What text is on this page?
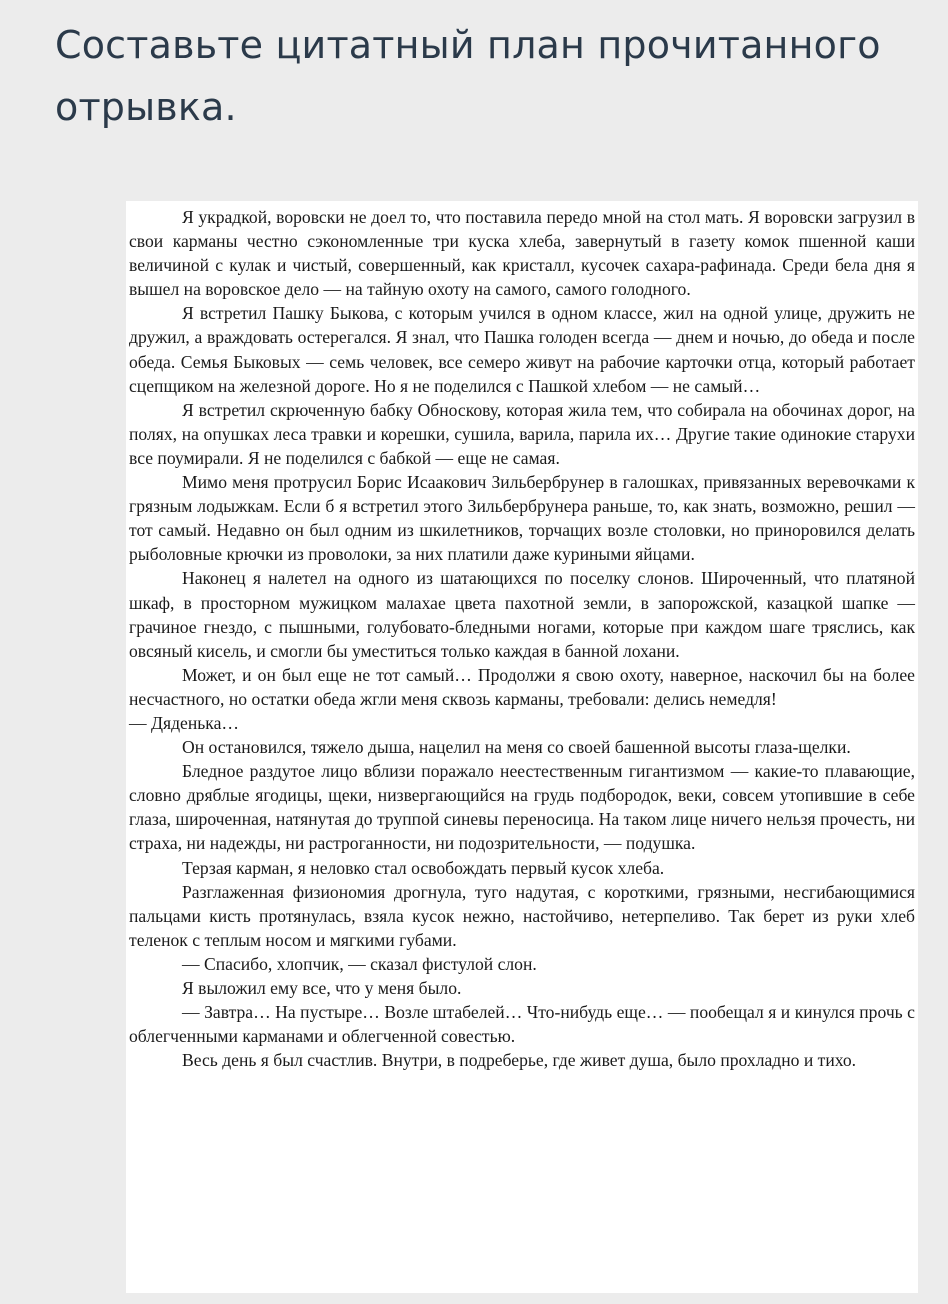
Составьте цитатный план прочитанного отрывка.

Я украдкой, воровски не доел то, что поставила передо мной на стол мать. Я воровски загрузил в свои карманы честно сэкономленные три куска хлеба, завернутый в газету комок пшенной каши величиной с кулак и чистый, совершенный, как кристалл, кусочек сахара-рафинада. Среди бела дня я вышел на воровское дело — на тайную охоту на самого, самого голодного.

Я встретил Пашку Быкова, с которым учился в одном классе, жил на одной улице, дружить не дружил, а враждовать остерегался. Я знал, что Пашка голоден всегда — днем и ночью, до обеда и после обеда. Семья Быковых — семь человек, все семеро живут на рабочие карточки отца, который работает сцепщиком на железной дороге. Но я не поделился с Пашкой хлебом — не самый…

Я встретил скрюченную бабку Обноскову, которая жила тем, что собирала на обочинах дорог, на полях, на опушках леса травки и корешки, сушила, варила, парила их… Другие такие одинокие старухи все поумирали. Я не поделился с бабкой — еще не самая.

Мимо меня протрусил Борис Исаакович Зильбербрунер в галошках, привязанных веревочками к грязным лодыжкам. Если б я встретил этого Зильбербрунера раньше, то, как знать, возможно, решил — тот самый. Недавно он был одним из шкилетников, торчащих возле столовки, но приноровился делать рыболовные крючки из проволоки, за них платили даже куриными яйцами.

Наконец я налетел на одного из шатающихся по поселку слонов. Широченный, что платяной шкаф, в просторном мужицком малахае цвета пахотной земли, в запорожской, казацкой шапке — грачиное гнездо, с пышными, голубовато-бледными ногами, которые при каждом шаге тряслись, как овсяный кисель, и смогли бы уместиться только каждая в банной лохани.

Может, и он был еще не тот самый… Продолжи я свою охоту, наверное, наскочил бы на более несчастного, но остатки обеда жгли меня сквозь карманы, требовали: делись немедля!

— Дяденька…

Он остановился, тяжело дыша, нацелил на меня со своей башенной высоты глаза-щелки.

Бледное раздутое лицо вблизи поражало неестественным гигантизмом — какие-то плавающие, словно дряблые ягодицы, щеки, низвергающийся на грудь подбородок, веки, совсем утопившие в себе глаза, широченная, натянутая до труппой синевы переносица. На таком лице ничего нельзя прочесть, ни страха, ни надежды, ни растроганности, ни подозрительности, — подушка.

Терзая карман, я неловко стал освобождать первый кусок хлеба.

Разглаженная физиономия дрогнула, туго надутая, с короткими, грязными, несгибающимися пальцами кисть протянулась, взяла кусок нежно, настойчиво, нетерпеливо. Так берет из руки хлеб теленок с теплым носом и мягкими губами.

— Спасибо, хлопчик, — сказал фистулой слон.

Я выложил ему все, что у меня было.

— Завтра… На пустыре… Возле штабелей… Что-нибудь еще… — пообещал я и кинулся прочь с облегченными карманами и облегченной совестью.

Весь день я был счастлив. Внутри, в подреберье, где живет душа, было прохладно и тихо.
